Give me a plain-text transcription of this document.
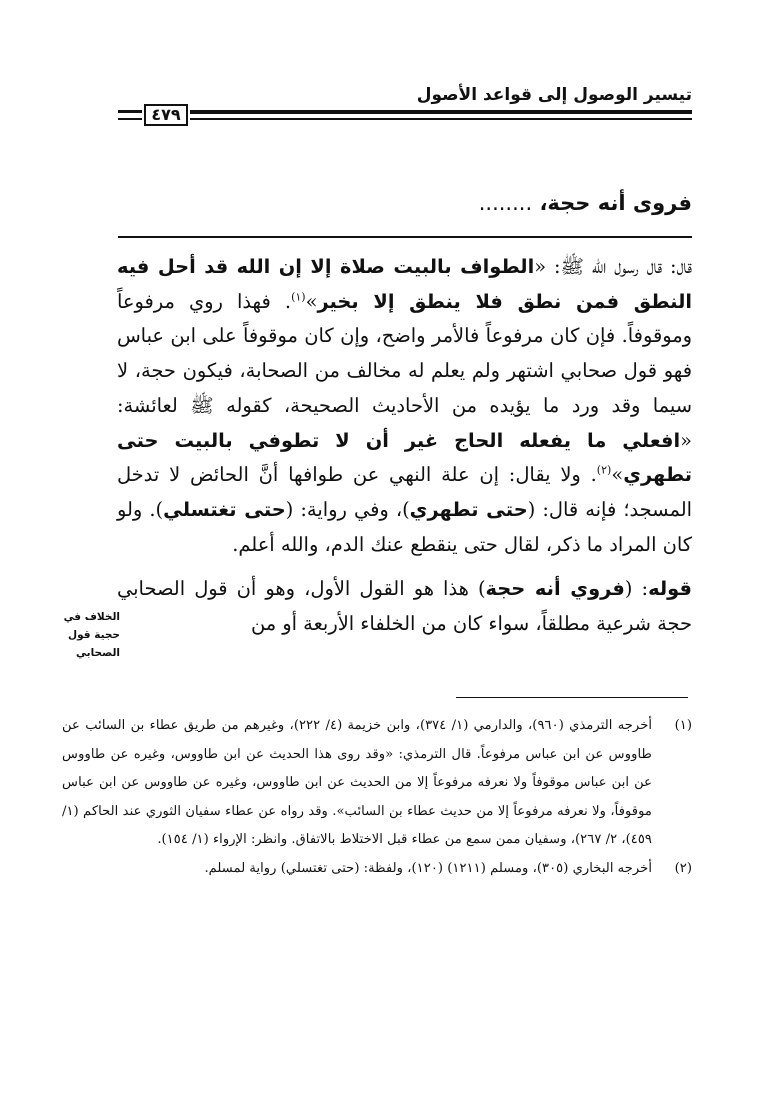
تيسير الوصول إلى قواعد الأصول
٤٧٩
فروى أنه حجة، ........

قال: قال رسول الله ﷺ: «الطواف بالبيت صلاة إلا إن الله قد أحل فيه النطق فمن نطق فلا ينطق إلا بخير»$^{(١)}$. فهذا روي مرفوعاً وموقوفاً. فإن كان مرفوعاً فالأمر واضح، وإن كان موقوفاً على ابن عباس فهو قول صحابي اشتهر ولم يعلم له مخالف من الصحابة، فيكون حجة، لا سيما وقد ورد ما يؤيده من الأحاديث الصحيحة، كقوله ﷺ لعائشة: «افعلي ما يفعله الحاج غير أن لا تطوفي بالبيت حتى تطهري»$^{(٢)}$. ولا يقال: إن علة النهي عن طوافها أنَّ الحائض لا تدخل المسجد؛ فإنه قال: (حتى تطهري)، وفي رواية: (حتى تغتسلي). ولو كان المراد ما ذكر، لقال حتى ينقطع عنك الدم، والله أعلم.

قوله: (فروي أنه حجة) هذا هو القول الأول، وهو أن قول الصحابي حجة شرعية مطلقاً، سواء كان من الخلفاء الأربعة أو من

الخلاف في
حجية قول
الصحابي
(١)
أخرجه الترمذي (٩٦٠)، والدارمي (١/ ٣٧٤)، وابن خزيمة (٤/ ٢٢٢)، وغيرهم من طريق عطاء بن السائب عن طاووس عن ابن عباس مرفوعاً. قال الترمذي: «وقد روى هذا الحديث عن ابن طاووس، وغيره عن طاووس عن ابن عباس موقوفاً ولا نعرفه مرفوعاً إلا من الحديث عن ابن طاووس، وغيره عن طاووس عن ابن عباس موقوفاً، ولا نعرفه مرفوعاً إلا من حديث عطاء بن السائب». وقد رواه عن عطاء سفيان الثوري عند الحاكم (١/ ٤٥٩)، ٢/ ٢٦٧)، وسفيان ممن سمع من عطاء قبل الاختلاط بالاتفاق. وانظر: الإرواء (١/ ١٥٤).
(٢)
أخرجه البخاري (٣٠٥)، ومسلم (١٢١١) (١٢٠)، ولفظة: (حتى تغتسلي) رواية لمسلم.
